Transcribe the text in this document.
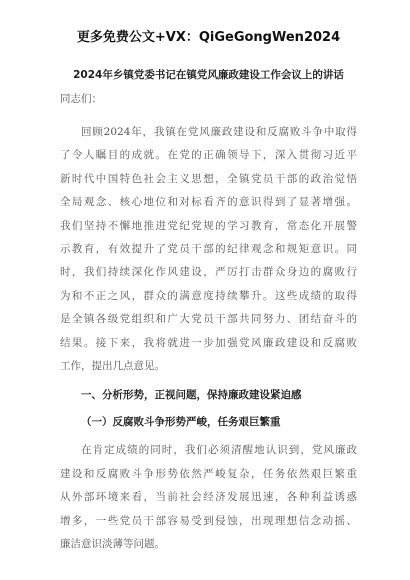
更多免费公文+VX：QiGeGongWen2024
2024年乡镇党委书记在镇党风廉政建设工作会议上的讲话
同志们：
回顾2024年，我镇在党风廉政建设和反腐败斗争中取得
了令人瞩目的成就。在党的正确领导下，深入贯彻习近平
新时代中国特色社会主义思想，全镇党员干部的政治觉悟
全局观念、核心地位和对标看齐的意识得到了显著增强。
我们坚持不懈地推进党纪党规的学习教育，常态化开展警
示教育，有效提升了党员干部的纪律观念和规矩意识。同
时，我们持续深化作风建设，严厉打击群众身边的腐败行
为和不正之风，群众的满意度持续攀升。这些成绩的取得
是全镇各级党组织和广大党员干部共同努力、团结奋斗的
结果。接下来，我将就进一步加强党风廉政建设和反腐败
工作，提出几点意见。
一、分析形势，正视问题，保持廉政建设紧迫感
（一）反腐败斗争形势严峻，任务艰巨繁重
在肯定成绩的同时，我们必须清醒地认识到，党风廉政
建设和反腐败斗争形势依然严峻复杂，任务依然艰巨繁重
从外部环境来看，当前社会经济发展迅速，各种利益诱惑
增多，一些党员干部容易受到侵蚀，出现理想信念动摇、
廉洁意识淡薄等问题。
